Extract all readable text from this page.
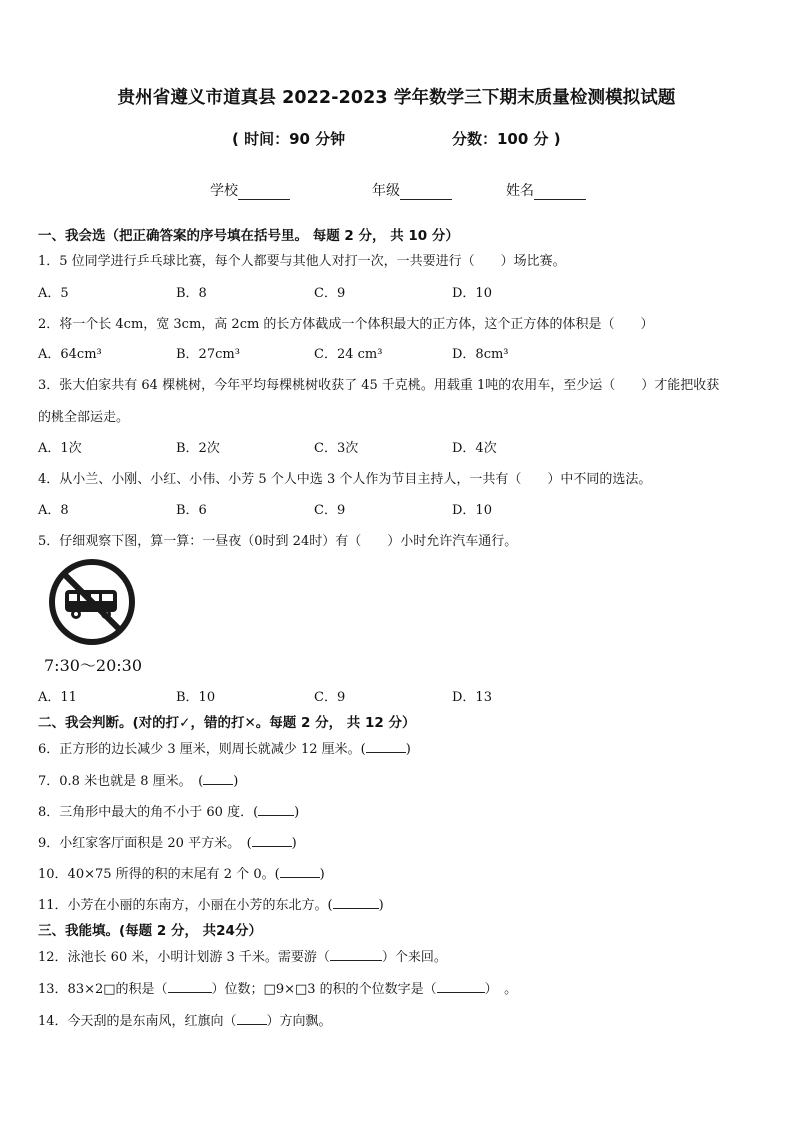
贵州省遵义市道真县 2022-2023 学年数学三下期末质量检测模拟试题
( 时间：90 分钟	分数：100 分 )
学校	年级	姓名
一、我会选（把正确答案的序号填在括号里。 每题 2 分， 共 10 分）
1．5 位同学进行乒乓球比赛，每个人都要与其他人对打一次，一共要进行（　　）场比赛。
A．5	B．8	C．9	D．10
2．将一个长 4cm，宽 3cm，高 2cm 的长方体截成一个体积最大的正方体，这个正方体的体积是（　　）
A．64cm³	B．27cm³	C．24 cm³	D．8cm³
3．张大伯家共有 64 棵桃树，今年平均每棵桃树收获了 45 千克桃。用载重 1吨的农用车，至少运（　　）才能把收获
的桃全部运走。
A．1次	B．2次	C．3次	D．4次
4．从小兰、小刚、小红、小伟、小芳 5 个人中选 3 个人作为节目主持人，一共有（　　）中不同的选法。
A．8	B．6	C．9	D．10
5．仔细观察下图，算一算：一昼夜（0时到 24时）有（　　）小时允许汽车通行。
7:30～20:30
A．11	B．10	C．9	D．13
二、我会判断。(对的打✓，错的打✕。每题 2 分， 共 12 分）
6．正方形的边长减少 3 厘米，则周长就减少 12 厘米。(	)
7．0.8 米也就是 8 厘米。　( )
8．三角形中最大的角不小于 60 度．(	)
9．小红家客厅面积是 20 平方米。　(	)
10．40×75 所得的积的末尾有 2 个 0。(	)
11．小芳在小丽的东南方，小丽在小芳的东北方。(	)
三、我能填。(每题 2 分， 共24分）
12．泳池长 60 米，小明计划游 3 千米。需要游（	）个来回。
13．83×2□的积是（	）位数；□9×□3 的积的个位数字是（	）　。
14．今天刮的是东南风，红旗向（ ）方向飘。
